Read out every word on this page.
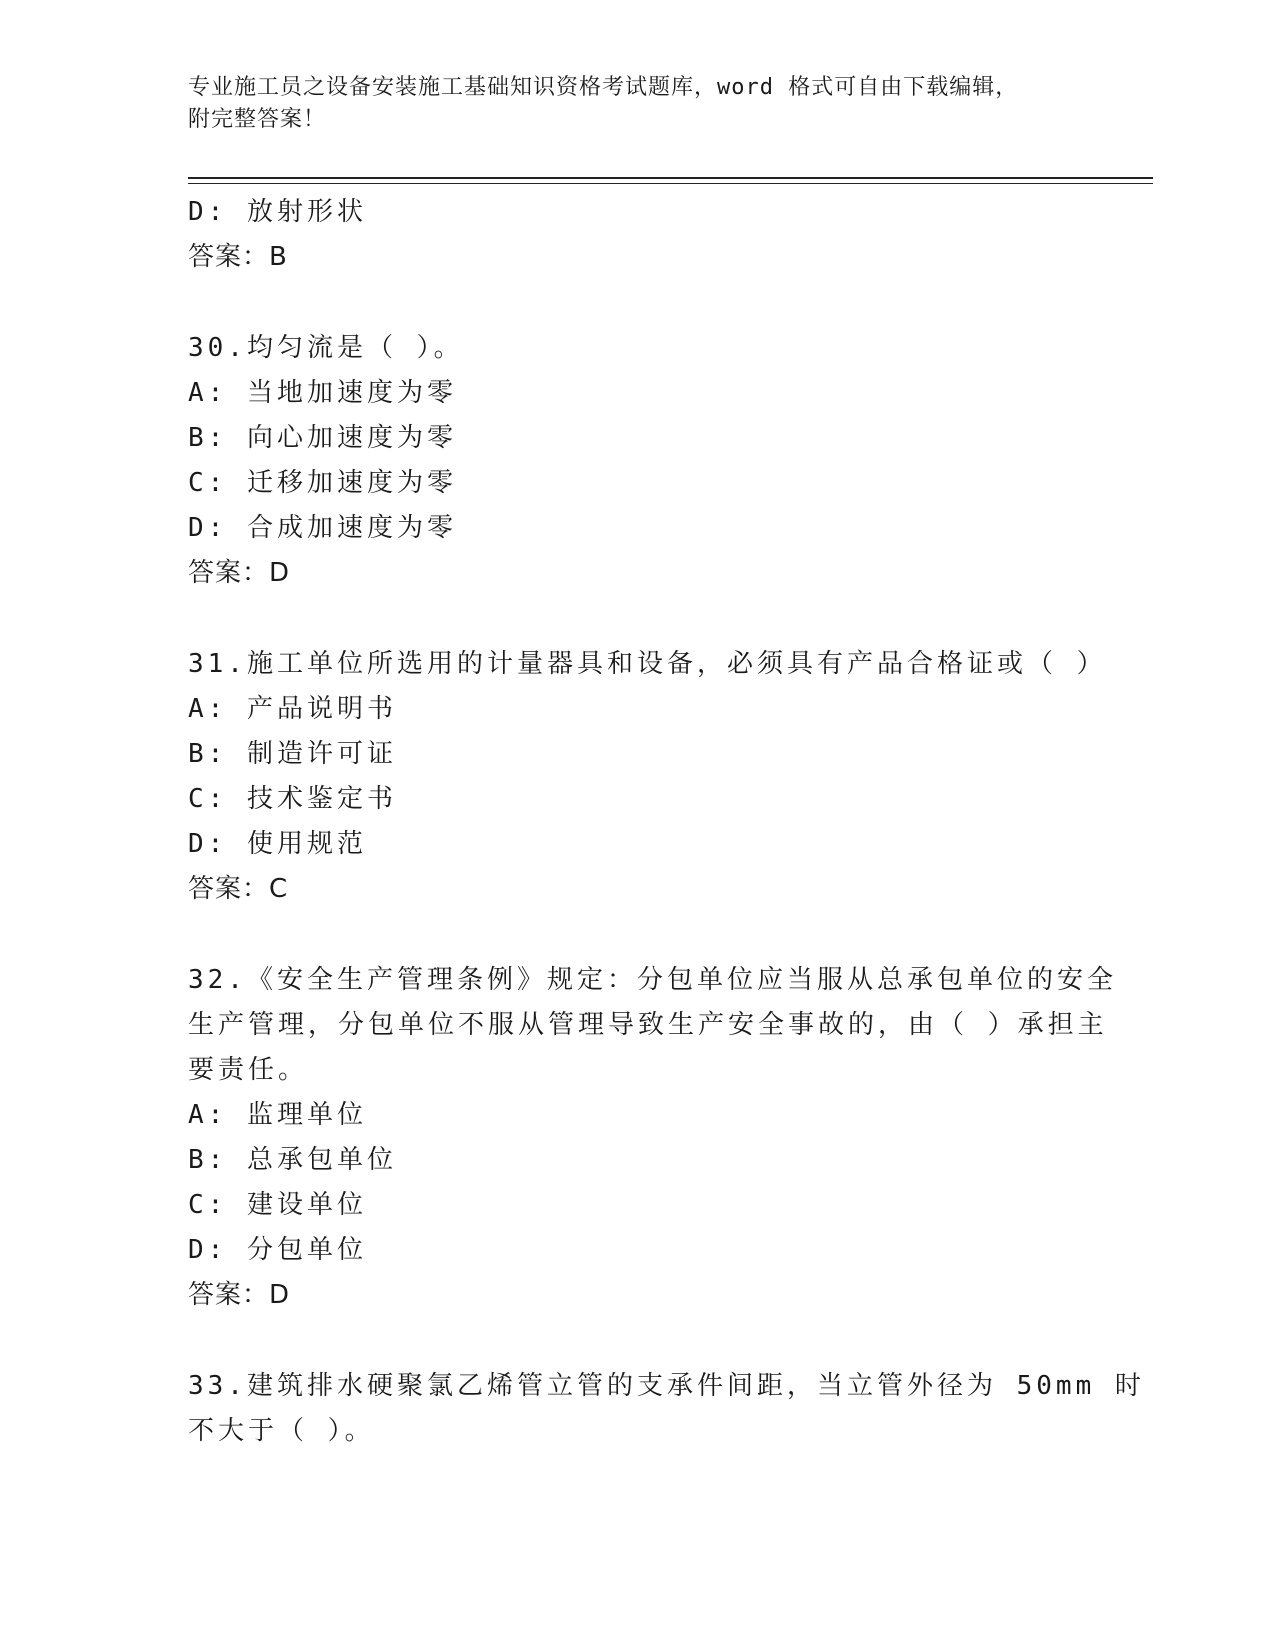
专业施工员之设备安装施工基础知识资格考试题库，word 格式可自由下载编辑，
附完整答案！
D: 放射形状
答案：B
30.均匀流是（ ）。
A: 当地加速度为零
B: 向心加速度为零
C: 迁移加速度为零
D: 合成加速度为零
答案：D
31.施工单位所选用的计量器具和设备，必须具有产品合格证或（ ）
A: 产品说明书
B: 制造许可证
C: 技术鉴定书
D: 使用规范
答案：C
32.《安全生产管理条例》规定：分包单位应当服从总承包单位的安全
生产管理，分包单位不服从管理导致生产安全事故的，由（ ）承担主
要责任。
A: 监理单位
B: 总承包单位
C: 建设单位
D: 分包单位
答案：D
33.建筑排水硬聚氯乙烯管立管的支承件间距，当立管外径为 50mm 时
不大于（ ）。
